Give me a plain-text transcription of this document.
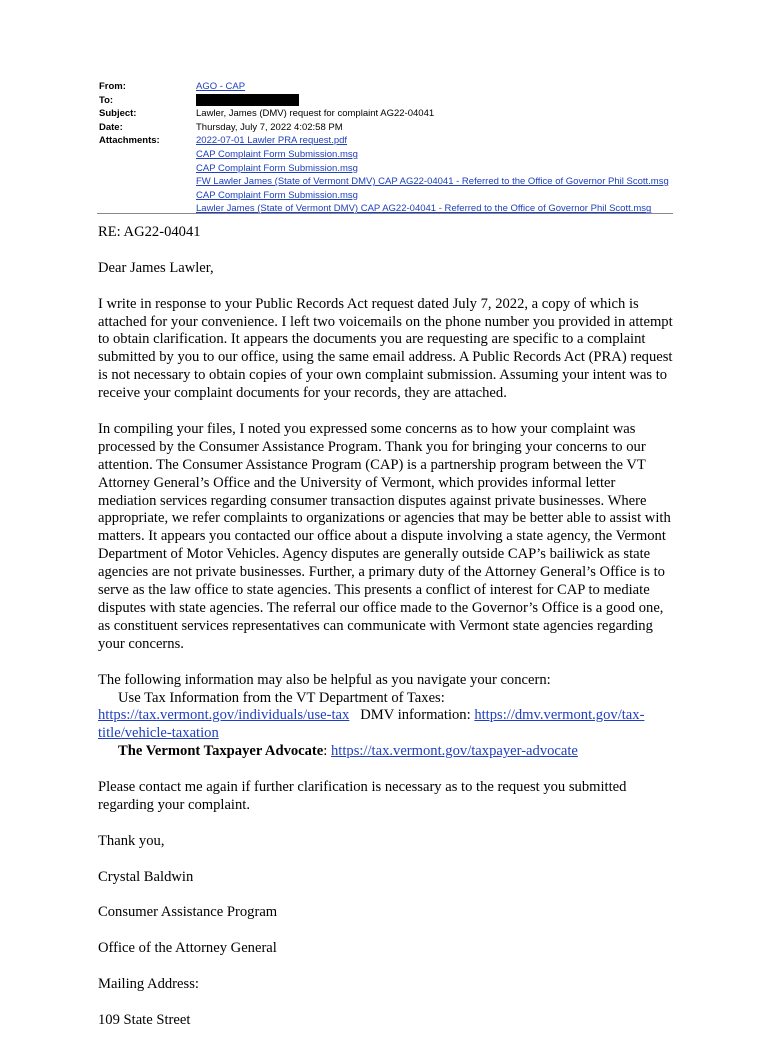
From:	AGO - CAP
To:
Subject:	Lawler, James (DMV) request for complaint AG22-04041
Date:	Thursday, July 7, 2022 4:02:58 PM
Attachments:	2022-07-01 Lawler PRA request.pdf
CAP Complaint Form Submission.msg
CAP Complaint Form Submission.msg
FW Lawler James (State of Vermont DMV) CAP AG22-04041 - Referred to the Office of Governor Phil Scott.msg
CAP Complaint Form Submission.msg
Lawler James (State of Vermont DMV) CAP AG22-04041 - Referred to the Office of Governor Phil Scott.msg

RE: AG22-04041

Dear James Lawler,

I write in response to your Public Records Act request dated July 7, 2022, a copy of which is attached for your convenience. I left two voicemails on the phone number you provided in attempt to obtain clarification. It appears the documents you are requesting are specific to a complaint submitted by you to our office, using the same email address. A Public Records Act (PRA) request is not necessary to obtain copies of your own complaint submission. Assuming your intent was to receive your complaint documents for your records, they are attached.

In compiling your files, I noted you expressed some concerns as to how your complaint was processed by the Consumer Assistance Program. Thank you for bringing your concerns to our attention. The Consumer Assistance Program (CAP) is a partnership program between the VT Attorney General’s Office and the University of Vermont, which provides informal letter mediation services regarding consumer transaction disputes against private businesses. Where appropriate, we refer complaints to organizations or agencies that may be better able to assist with matters. It appears you contacted our office about a dispute involving a state agency, the Vermont Department of Motor Vehicles. Agency disputes are generally outside CAP’s bailiwick as state agencies are not private businesses. Further, a primary duty of the Attorney General’s Office is to serve as the law office to state agencies. This presents a conflict of interest for CAP to mediate disputes with state agencies. The referral our office made to the Governor’s Office is a good one, as constituent services representatives can communicate with Vermont state agencies regarding your concerns.

The following information may also be helpful as you navigate your concern:
Use Tax Information from the VT Department of Taxes:
https://tax.vermont.gov/individuals/use-tax DMV information: https://dmv.vermont.gov/tax-title/vehicle-taxation
The Vermont Taxpayer Advocate: https://tax.vermont.gov/taxpayer-advocate

Please contact me again if further clarification is necessary as to the request you submitted regarding your complaint.

Thank you,

Crystal Baldwin

Consumer Assistance Program

Office of the Attorney General

Mailing Address:

109 State Street
